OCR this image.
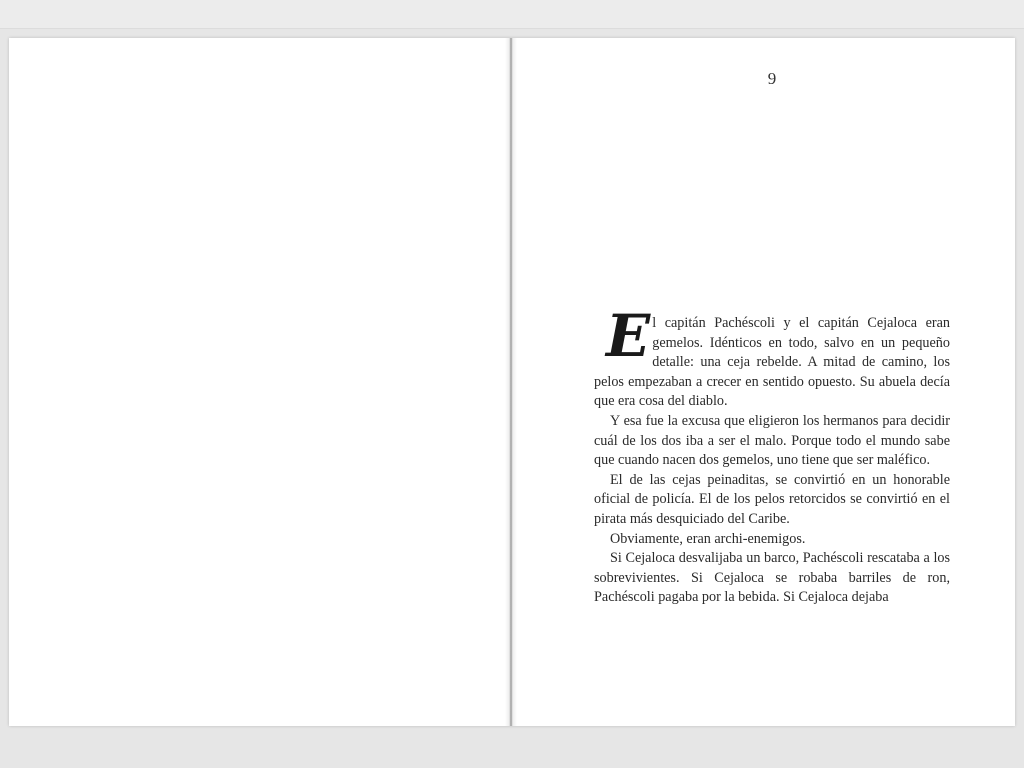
9

El capitán Pachéscoli y el capitán Cejaloca eran gemelos. Idénticos en todo, salvo en un pequeño detalle: una ceja rebelde. A mitad de camino, los pelos empezaban a crecer en sentido opuesto. Su abuela decía que era cosa del diablo.

Y esa fue la excusa que eligieron los hermanos para decidir cuál de los dos iba a ser el malo. Porque todo el mundo sabe que cuando nacen dos gemelos, uno tiene que ser maléfico.

El de las cejas peinaditas, se convirtió en un honorable oficial de policía. El de los pelos retorcidos se convirtió en el pirata más desquiciado del Caribe.

Obviamente, eran archi-enemigos.

Si Cejaloca desvalijaba un barco, Pachéscoli rescataba a los sobrevivientes. Si Cejaloca se robaba barriles de ron, Pachéscoli pagaba por la bebida. Si Cejaloca dejaba
